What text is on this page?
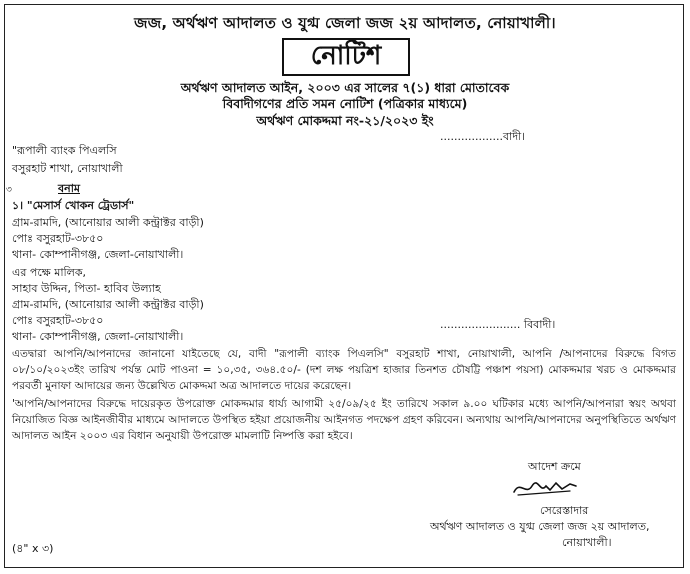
জজ, অর্থঋণ আদালত ও যুগ্ম জেলা জজ ২য় আদালত, নোয়াখালী।
নোটিশ
অর্থঋণ আদালত আইন, ২০০৩ এর সালের ৭(১) ধারা মোতাবেক
বিবাদীগণের প্রতি সমন নোটিশ (পত্রিকার মাধ্যমে)
অর্থঋণ মোকদ্দমা নং-২১/২০২৩ ইং
..................বাদী।
"রূপালী ব্যাংক পিএলসি
বসুরহাট শাখা, নোয়াখালী
৩	বনাম
১। "মেসার্স খোকন ট্রেডার্স"
গ্রাম-রামদি, (আনোয়ার আলী কন্ট্রাক্টর বাড়ী)
পোঃ বসুরহাট-৩৮৫০
থানা- কোম্পানীগঞ্জ, জেলা-নোয়াখালী।
এর পক্ষে মালিক,
সাহাব উদ্দিন, পিতা- হাবিব উল্যাহ
গ্রাম-রামদি, (আনোয়ার আলী কন্ট্রাক্টর বাড়ী)
পোঃ বসুরহাট-৩৮৫০
থানা- কোম্পানীগঞ্জ, জেলা-নোয়াখালী।
....................... বিবাদী।
এতদ্বারা আপনি/আপনাদের জানানো যাইতেছে যে, বাদী "রূপালী ব্যাংক পিএলসি" বসুরহাট শাখা, নোয়াখালী, আপনি /আপনাদের বিরুদ্ধে বিগত ০৮/১০/২০২৩ইং তারিখ পর্যন্ত মোট পাওনা = ১০,৩৫, ৩৬৪.৫০/- (দশ লক্ষ পয়ত্রিশ হাজার তিনশত চৌষট্টি পঞ্চাশ পয়সা) মোকদ্দমার খরচ ও মোকদ্দমার পরবর্তী মুনাফা আদায়ের জন্য উল্লেখিত মোকদ্দমা অত্র আদালতে দায়ের করেছেন।
'আপনি/আপনাদের বিরুদ্ধে দায়েরকৃত উপরোক্ত মোকদ্দমার ধার্য্য আগামী ২৫/০৯/২৫ ইং তারিখে সকাল ৯.০০ ঘটিকার মধ্যে আপনি/আপনারা স্বয়ং অথবা নিয়োজিত বিজ্ঞ আইনজীবীর মাধ্যমে আদালতে উপস্থিত হইয়া প্রয়োজনীয় আইনগত পদক্ষেপ গ্রহণ করিবেন। অন্যথায় আপনি/আপনাদের অনুপস্থিতিতে অর্থঋণ আদালত আইন ২০০৩ এর বিধান অনুযায়ী উপরোক্ত মামলাটি নিষ্পত্তি করা হইবে।
আদেশ ক্রমে
সেরেস্তাদার
অর্থঋণ আদালত ও যুগ্ম জেলা জজ ২য় আদালত,
নোয়াখালী।
(৪" x ৩)
